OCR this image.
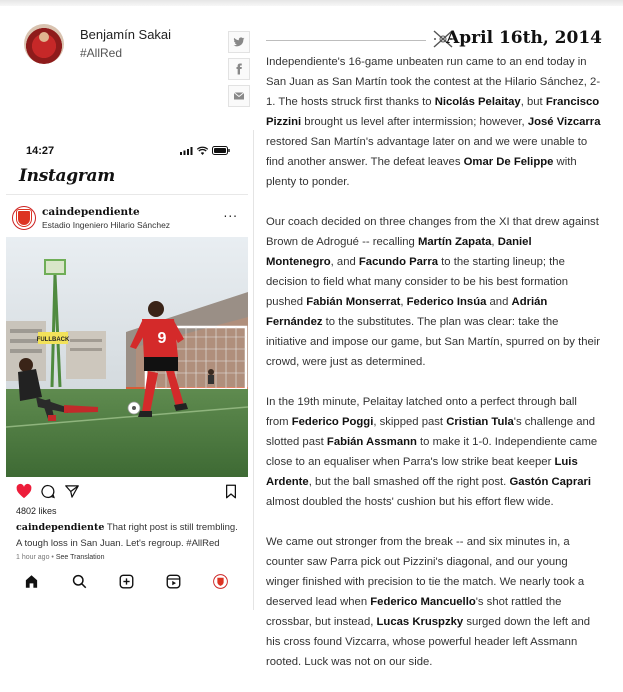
Benjamín Sakai
#AllRed
14:27
Instagram
caindependiente
Estadio Ingeniero Hilario Sánchez
...
FULLBACK	9
4802 likes
caindependiente That right post is still trembling. A tough loss in San Juan. Let's regroup. #AllRed
1 hour ago • See Translation
April 16th, 2014

Independiente's 16-game unbeaten run came to an end today in San Juan as San Martín took the contest at the Hilario Sánchez, 2-1. The hosts struck first thanks to Nicolás Pelaitay, but Francisco Pizzini brought us level after intermission; however, José Vizcarra restored San Martín's advantage later on and we were unable to find another answer. The defeat leaves Omar De Felippe with plenty to ponder.

Our coach decided on three changes from the XI that drew against Brown de Adrogué -- recalling Martín Zapata, Daniel Montenegro, and Facundo Parra to the starting lineup; the decision to field what many consider to be his best formation pushed Fabián Monserrat, Federico Insúa and Adrián Fernández to the substitutes. The plan was clear: take the initiative and impose our game, but San Martín, spurred on by their crowd, were just as determined.

In the 19th minute, Pelaitay latched onto a perfect through ball from Federico Poggi, skipped past Cristian Tula's challenge and slotted past Fabián Assmann to make it 1-0. Independiente came close to an equaliser when Parra's low strike beat keeper Luis Ardente, but the ball smashed off the right post. Gastón Caprari almost doubled the hosts' cushion but his effort flew wide.

We came out stronger from the break -- and six minutes in, a counter saw Parra pick out Pizzini's diagonal, and our young winger finished with precision to tie the match. We nearly took a deserved lead when Federico Mancuello's shot rattled the crossbar, but instead, Lucas Kruspzky surged down the left and his cross found Vizcarra, whose powerful header left Assmann rooted. Luck was not on our side.
